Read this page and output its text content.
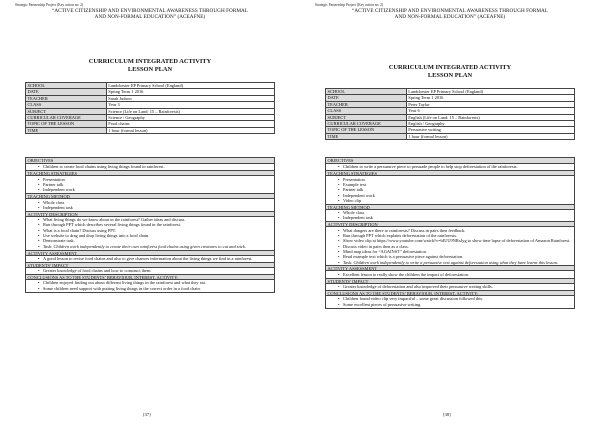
Strategic Partnership Project (Key action no. 2)
“ACTIVE CITIZENSHIP AND ENVIRONMENTAL AWARENESS THROUGH FORMAL
AND NON-FORMAL EDUCATION” (ACEAFNE)
CURRICULUM INTEGRATED ACTIVITY
LESSON PLAN
SCHOOL	Landchester EP Primary School (England)
DATE	Spring Term 1 2016
TEACHER	Sarah Judson
CLASS	Year 3
SUBJECT	Science (Life on Land: 15 – Rainforests)
CURRICULAR COVERAGE	Science / Geography
TOPIC OF THE LESSON	Food chains
TIME	1 hour (formal lesson)
OBJECTIVES
• Children to create food chains using living things found in rainforest.
TEACHING STRATEGIES
• Presentation
• Partner talk
• Independent work
TEACHING METHOD
• Whole class
• Independent task
ACTIVITY DESCRIPTION
• What living things do we know about in the rainforest? Gather ideas and discuss.
• Run through PPT which describes several living things found in the rainforest.
• What is a food chain? Discuss using PPT.
• Use website to drag and drop living things into a food chain.
• Demonstrate task.
• Task: Children work independently to create their own rainforest food chains using given creatures to cut and stick.
ACTIVITY ASSESSMENT
• A good lesson to revise food chains and also to give chances information about the living things we find in a rainforest.
STUDENTS’ IMPACT
• Greater knowledge of food chains and how to construct them.
CONCLUSIONS AS TO THE STUDENTS’ BEHAVIOUR, INTEREST, ACTIVITY:
• Children enjoyed finding out about different living things in the rainforest and what they eat.
• Some children need support with putting living things in the correct order in a food chain.
[37]
Strategic Partnership Project (Key action no. 2)
“ACTIVE CITIZENSHIP AND ENVIRONMENTAL AWARENESS THROUGH FORMAL
AND NON-FORMAL EDUCATION” (ACEAFNE)
CURRICULUM INTEGRATED ACTIVITY
LESSON PLAN
SCHOOL	Landchester EP Primary School (England)
DATE	Spring Term 1 2016
TEACHER	Peter Taylor
CLASS	Year 6
SUBJECT	English (Life on Land: 15 – Rainforests)
CURRICULAR COVERAGE	English / Geography
TOPIC OF THE LESSON	Persuasive writing
TIME	1 hour (formal lesson)
OBJECTIVES
• Children to write a persuasive piece to persuade people to help stop deforestation of the rainforests.
TEACHING STRATEGIES
• Presentation
• Example text
• Partner talk
• Independent work
• Video clip
TEACHING METHOD
• Whole class
• Independent task
ACTIVITY DESCRIPTION
• What dangers are there to rainforests? Discuss in pairs then feedback.
• Run through PPT which explains deforestation of the rainforests.
• Show video clip at https://www.youtube.com/watch?v=hIUU9NRsJyg to show time lapse of deforestation of Amazon Rainforest.
• Discuss video in pairs then as a class.
• Mind map ideas for “AGAINST” deforestation.
• Read example text which is a persuasive piece against deforestation.
• Task: Children work independently to write a persuasive text against deforestation using what they have learnt this lesson.
ACTIVITY ASSESSMENT
• Excellent lesson to really show the children the impact of deforestation.
STUDENTS’ IMPACT
• Greater knowledge of deforestation and also improved their persuasive writing skills.
CONCLUSIONS AS TO THE STUDENTS’ BEHAVIOUR, INTEREST, ACTIVITY:
• Children found video clip very impactful – some great discussion followed this.
• Some excellent pieces of persuasive writing.
[38]
